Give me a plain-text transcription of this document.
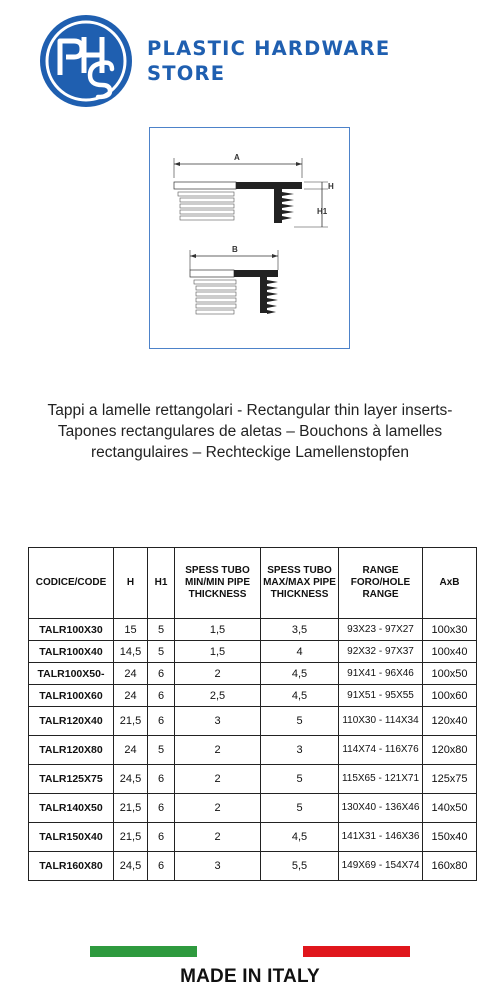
PLASTIC HARDWARE
STORE
A
H
H1
B
Tappi a lamelle rettangolari - Rectangular thin layer inserts-
Tapones rectangulares de aletas – Bouchons à lamelles
rectangulaires – Rechteckige Lamellenstopfen
CODICE/CODE	H	H1	SPESS TUBO MIN/MIN PIPE THICKNESS	SPESS TUBO MAX/MAX PIPE THICKNESS	RANGE FORO/HOLE RANGE	AxB
TALR100X30	15	5	1,5	3,5	93X23 - 97X27	100x30
TALR100X40	14,5	5	1,5	4	92X32 - 97X37	100x40
TALR100X50-	24	6	2	4,5	91X41 - 96X46	100x50
TALR100X60	24	6	2,5	4,5	91X51 - 95X55	100x60
TALR120X40	21,5	6	3	5	110X30 - 114X34	120x40
TALR120X80	24	5	2	3	114X74 - 116X76	120x80
TALR125X75	24,5	6	2	5	115X65 - 121X71	125x75
TALR140X50	21,5	6	2	5	130X40 - 136X46	140x50
TALR150X40	21,5	6	2	4,5	141X31 - 146X36	150x40
TALR160X80	24,5	6	3	5,5	149X69 - 154X74	160x80
MADE IN ITALY
